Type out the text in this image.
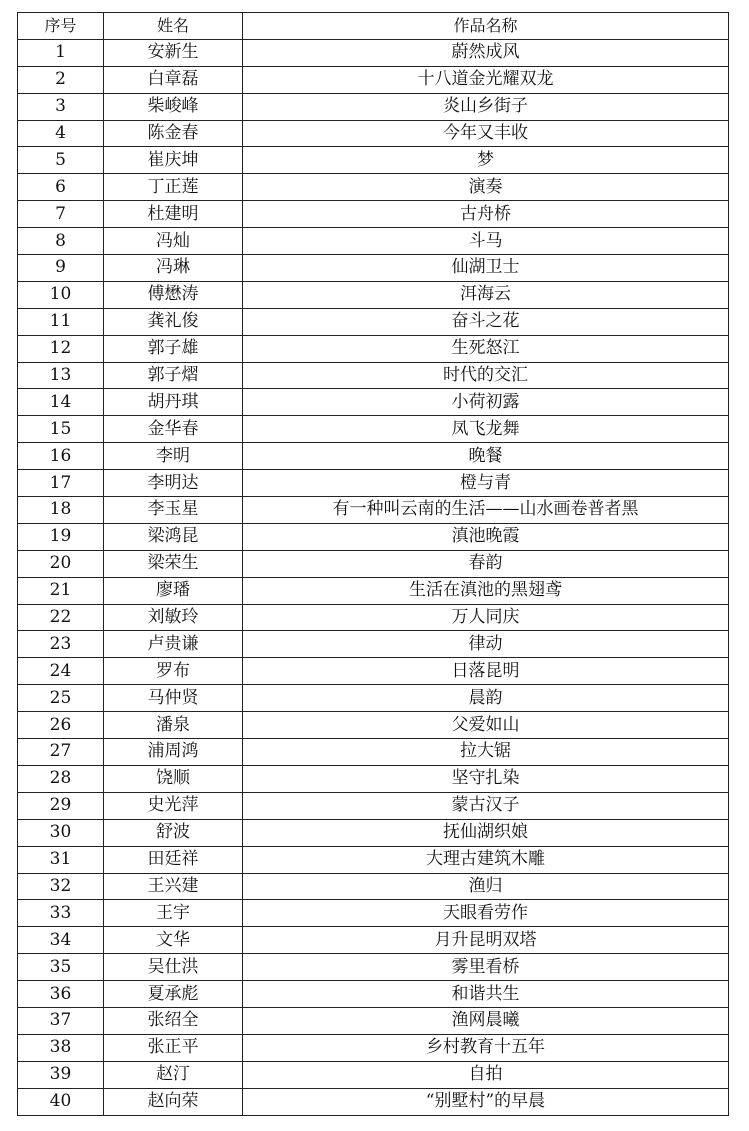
序号	姓名	作品名称
1	安新生	蔚然成风
2	白章磊	十八道金光耀双龙
3	柴峻峰	炎山乡街子
4	陈金春	今年又丰收
5	崔庆坤	梦
6	丁正莲	演奏
7	杜建明	古舟桥
8	冯灿	斗马
9	冯琳	仙湖卫士
10	傅懋涛	洱海云
11	龚礼俊	奋斗之花
12	郭子雄	生死怒江
13	郭子熠	时代的交汇
14	胡丹琪	小荷初露
15	金华春	凤飞龙舞
16	李明	晚餐
17	李明达	橙与青
18	李玉星	有一种叫云南的生活——山水画卷普者黑
19	梁鸿昆	滇池晚霞
20	梁荣生	春韵
21	廖璠	生活在滇池的黑翅鸢
22	刘敏玲	万人同庆
23	卢贵谦	律动
24	罗布	日落昆明
25	马仲贤	晨韵
26	潘泉	父爱如山
27	浦周鸿	拉大锯
28	饶顺	坚守扎染
29	史光萍	蒙古汉子
30	舒波	抚仙湖织娘
31	田廷祥	大理古建筑木雕
32	王兴建	渔归
33	王宇	天眼看劳作
34	文华	月升昆明双塔
35	吴仕洪	雾里看桥
36	夏承彪	和谐共生
37	张绍全	渔网晨曦
38	张正平	乡村教育十五年
39	赵汀	自拍
40	赵向荣	“别墅村”的早晨
